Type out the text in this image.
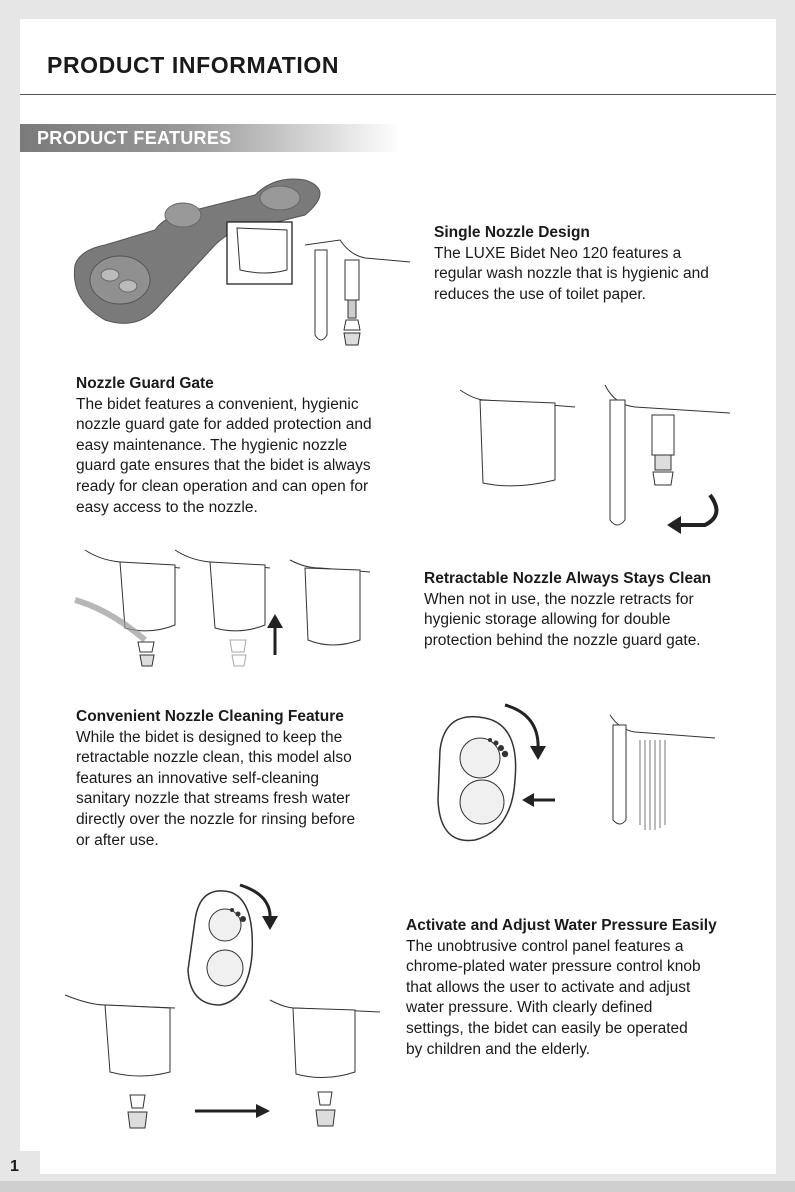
PRODUCT INFORMATION
PRODUCT FEATURES
Single Nozzle Design

The LUXE Bidet Neo 120 features a

regular wash nozzle that is hygienic and

reduces the use of toilet paper.

Nozzle Guard Gate

The bidet features a convenient, hygienic

nozzle guard gate for added protection and

easy maintenance. The hygienic nozzle

guard gate ensures that the bidet is always

ready for clean operation and can open for

easy access to the nozzle.

Retractable Nozzle Always Stays Clean

When not in use, the nozzle retracts for

hygienic storage allowing for double

protection behind the nozzle guard gate.

Convenient Nozzle Cleaning Feature

While the bidet is designed to keep the

retractable nozzle clean, this model also

features an innovative self-cleaning

sanitary nozzle that streams fresh water

directly over the nozzle for rinsing before

or after use.

Activate and Adjust Water Pressure Easily

The unobtrusive control panel features a

chrome-plated water pressure control knob

that allows the user to activate and adjust

water pressure. With clearly defined

settings, the bidet can easily be operated

by children and the elderly.

1
